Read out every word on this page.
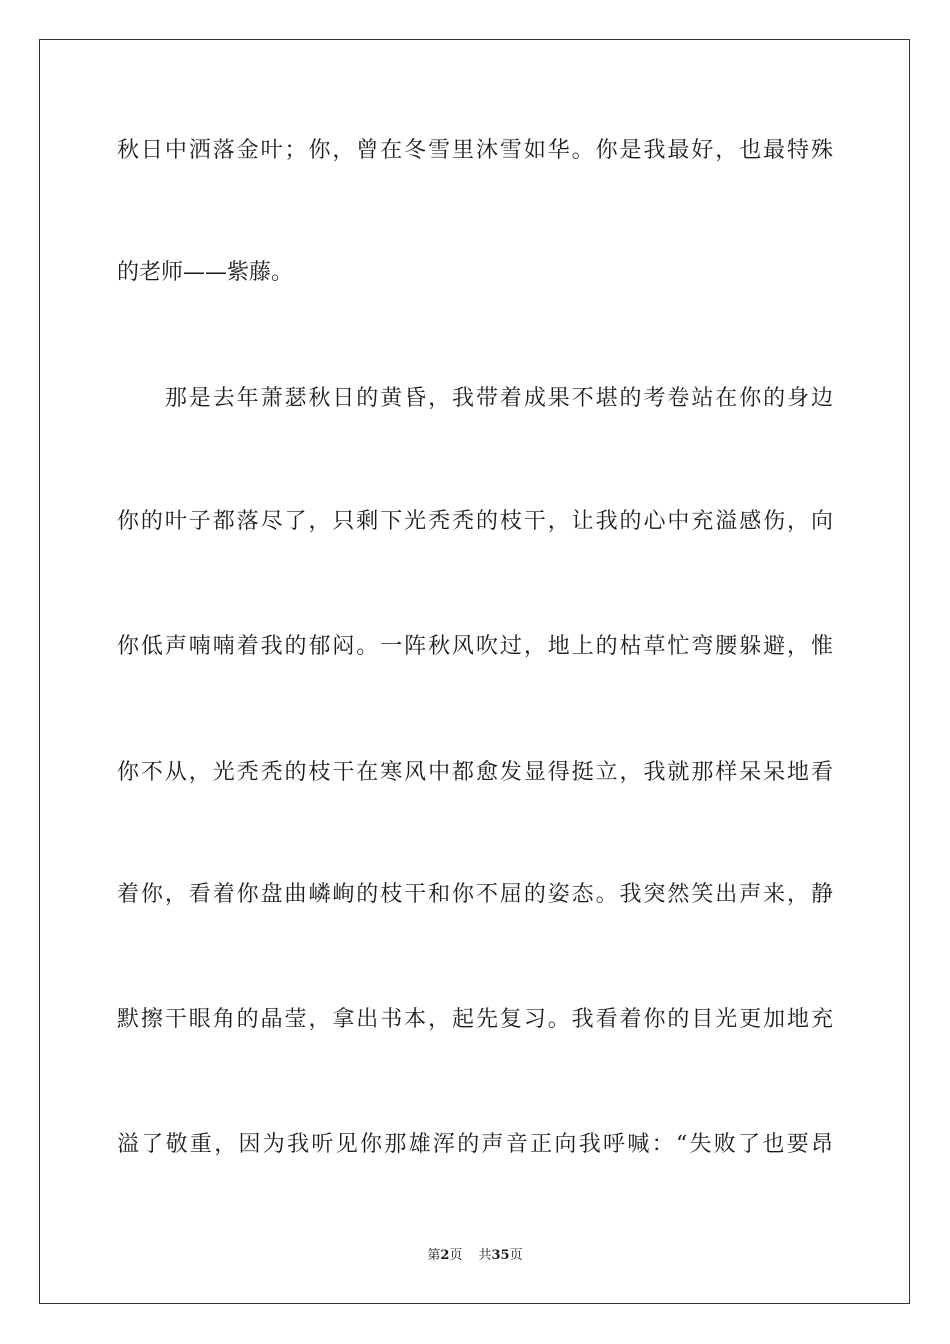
秋日中洒落金叶；你，曾在冬雪里沐雪如华。你是我最好，也最特殊
的老师——紫藤。
　　那是去年萧瑟秋日的黄昏，我带着成果不堪的考卷站在你的身边
你的叶子都落尽了，只剩下光秃秃的枝干，让我的心中充溢感伤，向
你低声喃喃着我的郁闷。一阵秋风吹过，地上的枯草忙弯腰躲避，惟
你不从，光秃秃的枝干在寒风中都愈发显得挺立，我就那样呆呆地看
着你，看着你盘曲嶙峋的枝干和你不屈的姿态。我突然笑出声来，静
默擦干眼角的晶莹，拿出书本，起先复习。我看着你的目光更加地充
溢了敬重，因为我听见你那雄浑的声音正向我呼喊：“失败了也要昂
第2页 共35页
